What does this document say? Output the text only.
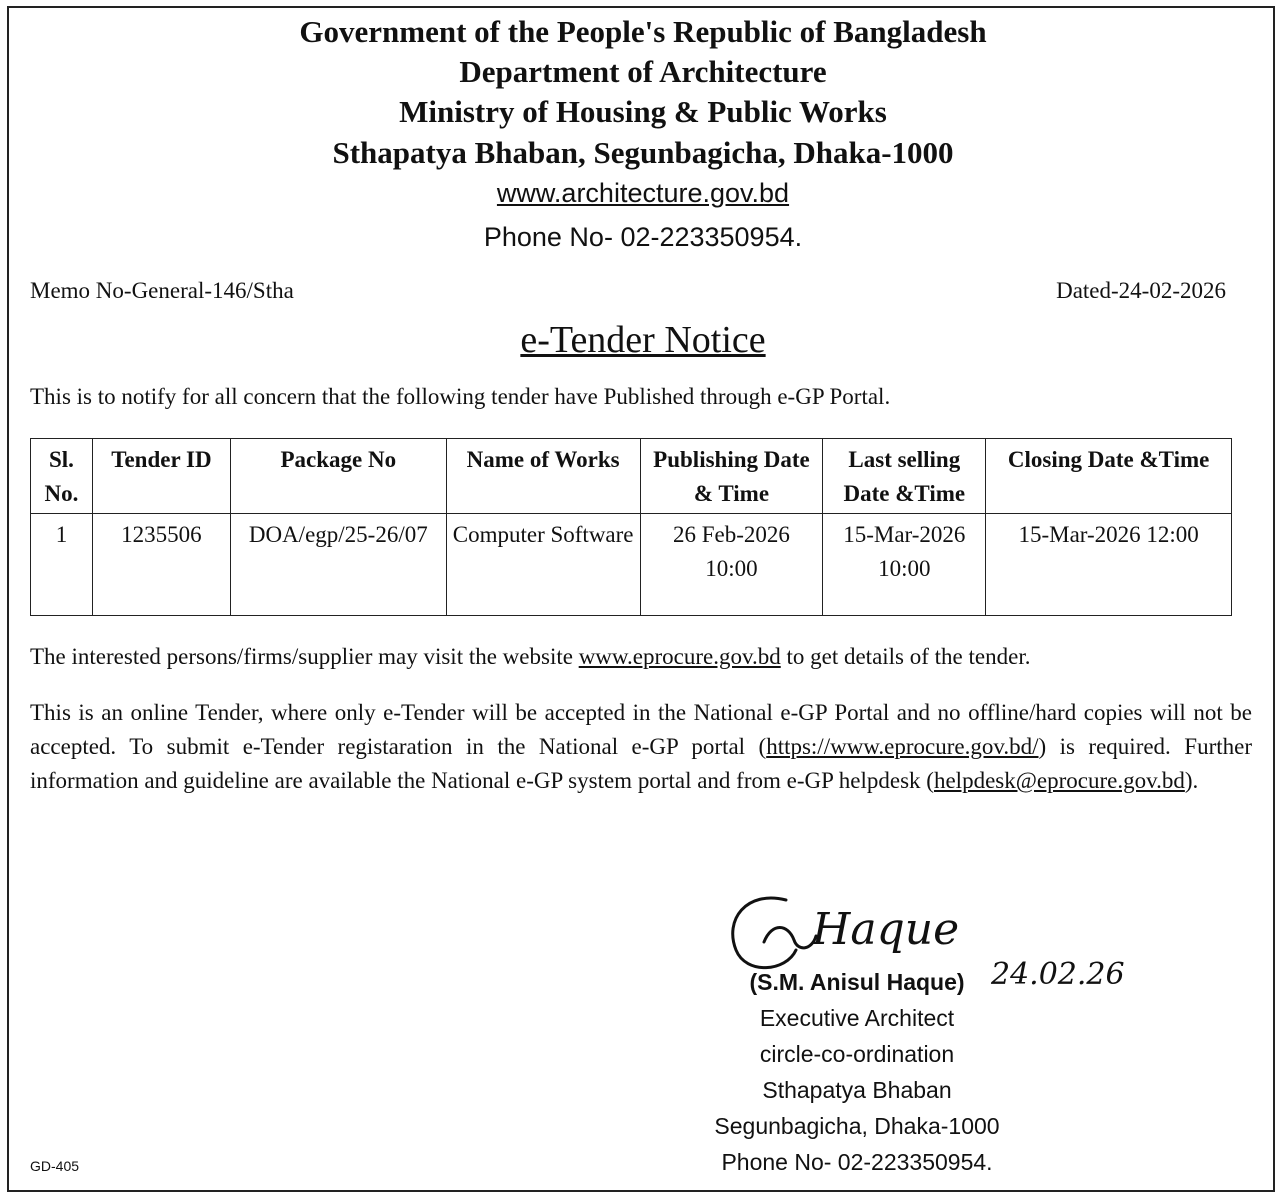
Government of the People's Republic of Bangladesh
Department of Architecture
Ministry of Housing & Public Works
Sthapatya Bhaban, Segunbagicha, Dhaka-1000
www.architecture.gov.bd
Phone No- 02-223350954.
Memo No-General-146/Stha	Dated-24-02-2026
e-Tender Notice
This is to notify for all concern that the following tender have Published through e-GP Portal.
Sl. No.	Tender ID	Package No	Name of Works	Publishing Date & Time	Last selling Date &Time	Closing Date &Time
1	1235506	DOA/egp/25-26/07	Computer Software	26 Feb-2026 10:00	15-Mar-2026 10:00	15-Mar-2026 12:00
The interested persons/firms/supplier may visit the website www.eprocure.gov.bd to get details of the tender.
This is an online Tender, where only e-Tender will be accepted in the National e-GP Portal and no offline/hard copies will not be accepted. To submit e-Tender registaration in the National e-GP portal (https://www.eprocure.gov.bd/) is required. Further information and guideline are available the National e-GP system portal and from e-GP helpdesk (helpdesk@eprocure.gov.bd).
Haque
24.02.26
(S.M. Anisul Haque)
Executive Architect
circle-co-ordination
Sthapatya Bhaban
Segunbagicha, Dhaka-1000
Phone No- 02-223350954.
GD-405
